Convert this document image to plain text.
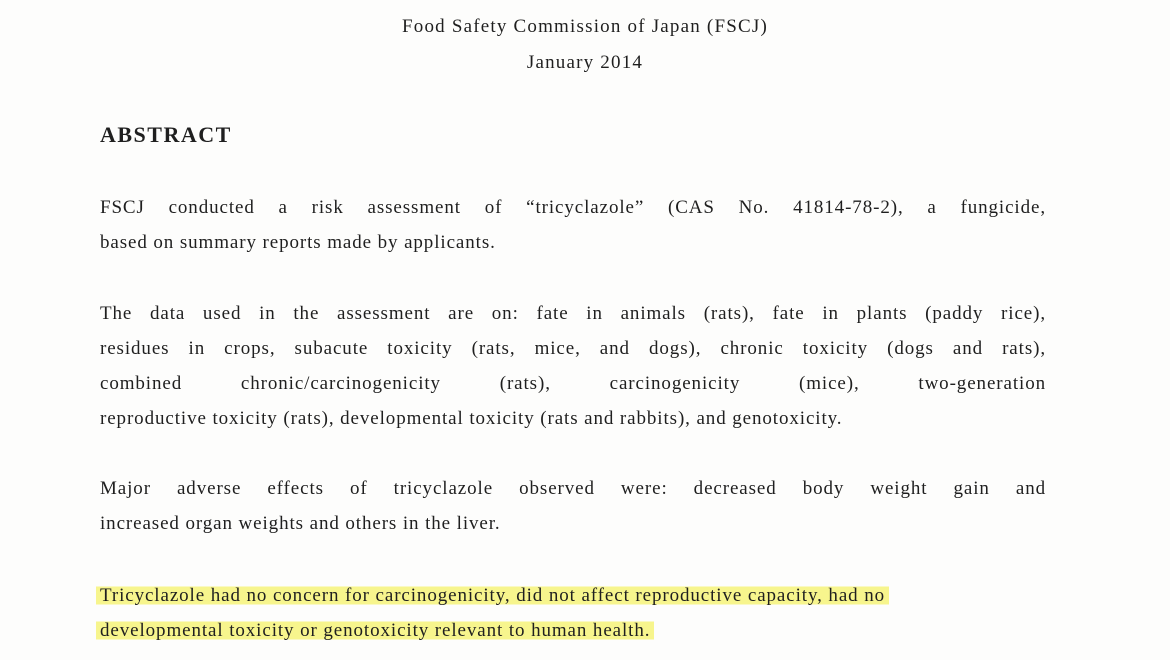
Food Safety Commission of Japan (FSCJ)
January 2014
ABSTRACT
FSCJ conducted a risk assessment of “tricyclazole” (CAS No. 41814-78-2), a fungicide,
based on summary reports made by applicants.
The data used in the assessment are on: fate in animals (rats), fate in plants (paddy rice),
residues in crops, subacute toxicity (rats, mice, and dogs), chronic toxicity (dogs and rats),
combined chronic/carcinogenicity (rats), carcinogenicity (mice), two-generation
reproductive toxicity (rats), developmental toxicity (rats and rabbits), and genotoxicity.
Major adverse effects of tricyclazole observed were: decreased body weight gain and
increased organ weights and others in the liver.
Tricyclazole had no concern for carcinogenicity, did not affect reproductive capacity, had no
developmental toxicity or genotoxicity relevant to human health.
